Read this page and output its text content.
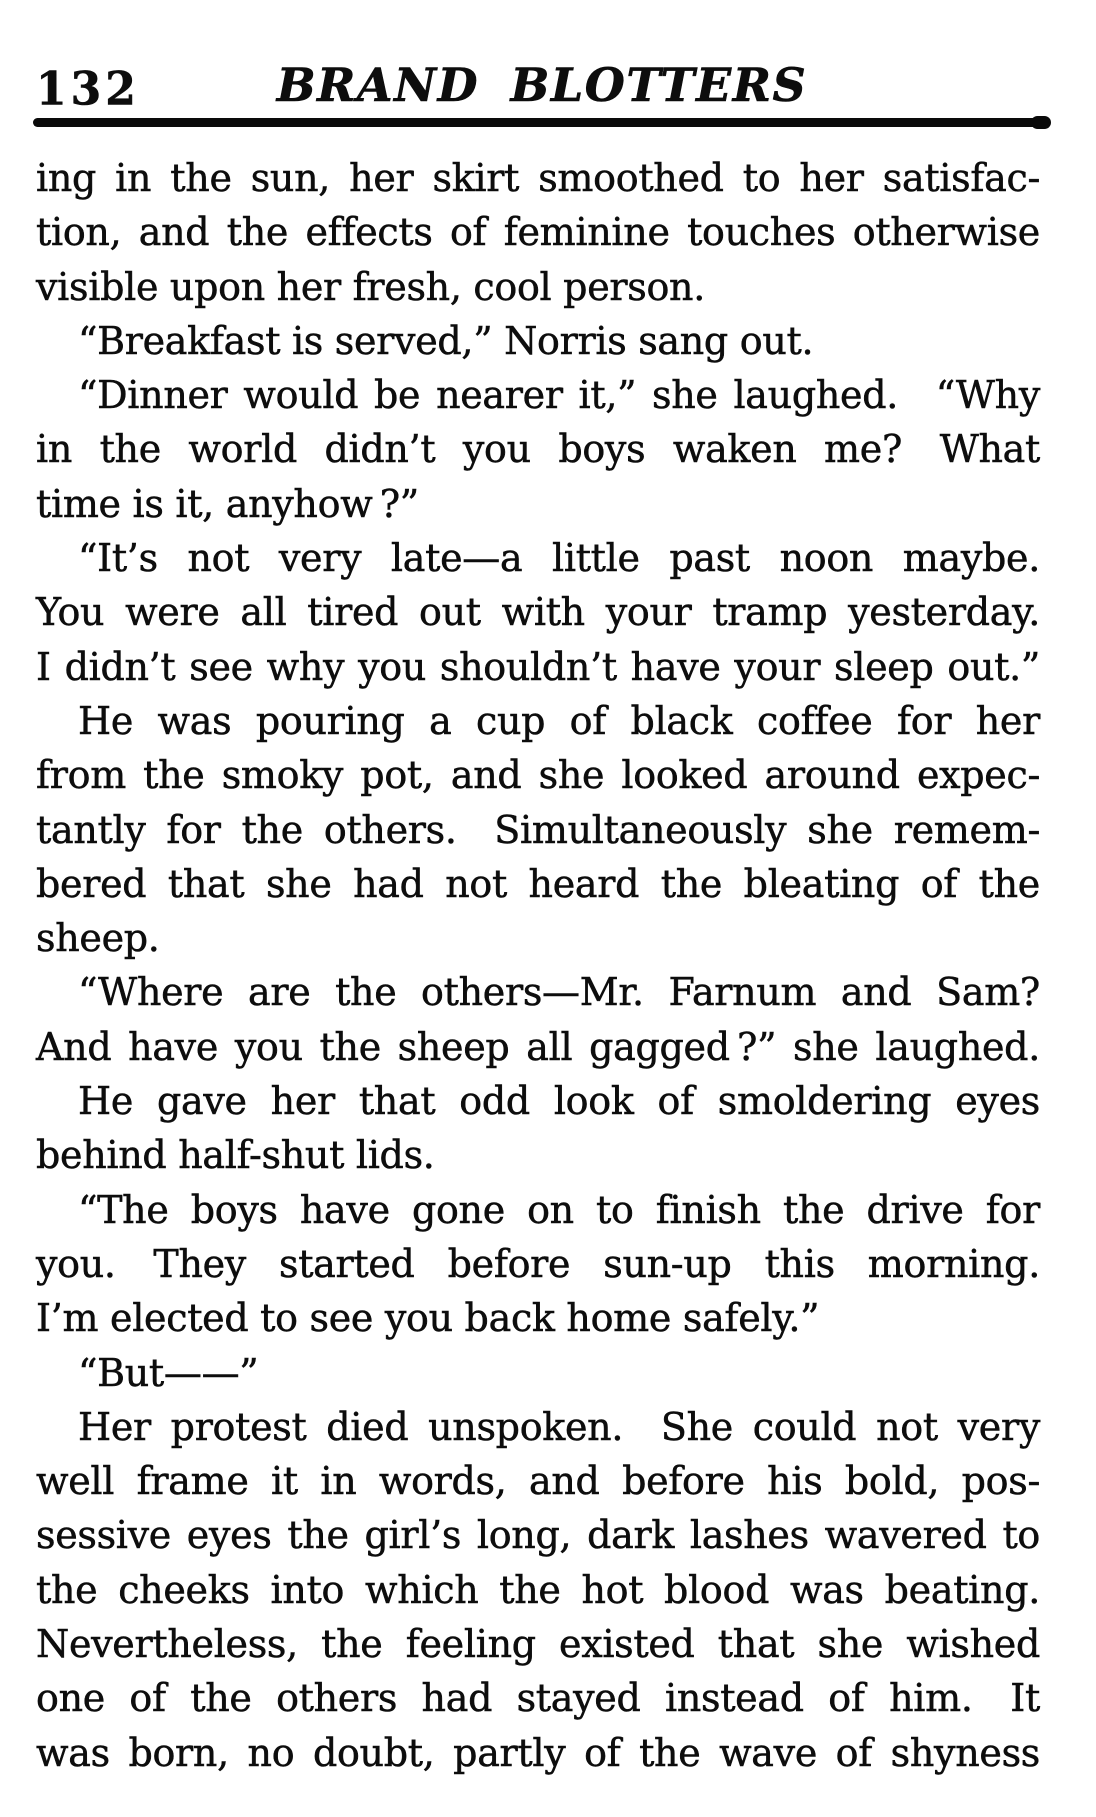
132	BRAND BLOTTERS
ing in the sun, her skirt smoothed to her satisfac-
tion, and the effects of feminine touches otherwise
visible upon her fresh, cool person.
“Breakfast is served,” Norris sang out.
“Dinner would be nearer it,” she laughed. “Why
in the world didn’t you boys waken me? What
time is it, anyhow ?”
“It’s not very late—a little past noon maybe.
You were all tired out with your tramp yesterday.
I didn’t see why you shouldn’t have your sleep out.”
He was pouring a cup of black coffee for her
from the smoky pot, and she looked around expec-
tantly for the others. Simultaneously she remem-
bered that she had not heard the bleating of the
sheep.
“Where are the others—Mr. Farnum and Sam?
And have you the sheep all gagged ?” she laughed.
He gave her that odd look of smoldering eyes
behind half-shut lids.
“The boys have gone on to finish the drive for
you. They started before sun-up this morning.
I’m elected to see you back home safely.”
“But——”
Her protest died unspoken. She could not very
well frame it in words, and before his bold, pos-
sessive eyes the girl’s long, dark lashes wavered to
the cheeks into which the hot blood was beating.
Nevertheless, the feeling existed that she wished
one of the others had stayed instead of him. It
was born, no doubt, partly of the wave of shyness
